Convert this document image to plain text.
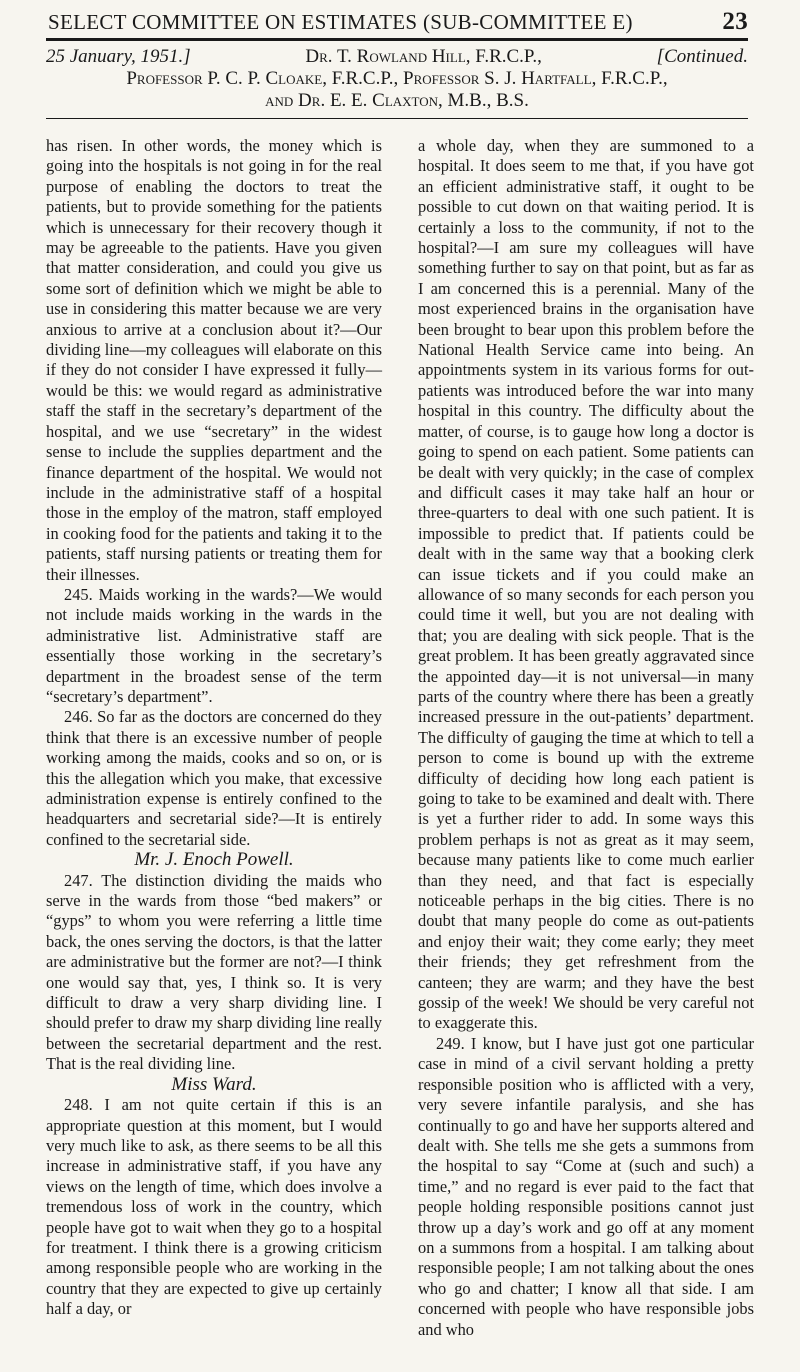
SELECT COMMITTEE ON ESTIMATES (SUB-COMMITTEE E)	23
25 January, 1951.]	Dr. T. Rowland Hill, F.R.C.P.,	[Continued.
Professor P. C. P. Cloake, F.R.C.P., Professor S. J. Hartfall, F.R.C.P.,
and Dr. E. E. Claxton, M.B., B.S.

has risen. In other words, the money which is going into the hospitals is not going in for the real purpose of enabling the doctors to treat the patients, but to provide something for the patients which is unnecessary for their recovery though it may be agreeable to the patients. Have you given that matter consideration, and could you give us some sort of definition which we might be able to use in considering this matter because we are very anxious to arrive at a conclusion about it?—Our dividing line—my colleagues will elaborate on this if they do not consider I have expressed it fully—would be this: we would regard as administrative staff the staff in the secretary’s department of the hospital, and we use “secretary” in the widest sense to include the supplies department and the finance department of the hospital. We would not include in the administrative staff of a hospital those in the employ of the matron, staff employed in cooking food for the patients and taking it to the patients, staff nursing patients or treating them for their illnesses.

245. Maids working in the wards?—We would not include maids working in the wards in the administrative list. Administrative staff are essentially those working in the secretary’s department in the broadest sense of the term “secretary’s department”.

246. So far as the doctors are concerned do they think that there is an excessive number of people working among the maids, cooks and so on, or is this the allegation which you make, that excessive administration expense is entirely confined to the headquarters and secretarial side?—It is entirely confined to the secretarial side.

Mr. J. Enoch Powell.

247. The distinction dividing the maids who serve in the wards from those “bed makers” or “gyps” to whom you were referring a little time back, the ones serving the doctors, is that the latter are administrative but the former are not?—I think one would say that, yes, I think so. It is very difficult to draw a very sharp dividing line. I should prefer to draw my sharp dividing line really between the secretarial department and the rest. That is the real dividing line.

Miss Ward.

248. I am not quite certain if this is an appropriate question at this moment, but I would very much like to ask, as there seems to be all this increase in administrative staff, if you have any views on the length of time, which does involve a tremendous loss of work in the country, which people have got to wait when they go to a hospital for treatment. I think there is a growing criticism among responsible people who are working in the country that they are expected to give up certainly half a day, or

a whole day, when they are summoned to a hospital. It does seem to me that, if you have got an efficient administrative staff, it ought to be possible to cut down on that waiting period. It is certainly a loss to the community, if not to the hospital?—I am sure my colleagues will have something further to say on that point, but as far as I am concerned this is a perennial. Many of the most experienced brains in the organisation have been brought to bear upon this problem before the National Health Service came into being. An appointments system in its various forms for out-patients was introduced before the war into many hospital in this country. The difficulty about the matter, of course, is to gauge how long a doctor is going to spend on each patient. Some patients can be dealt with very quickly; in the case of complex and difficult cases it may take half an hour or three-quarters to deal with one such patient. It is impossible to predict that. If patients could be dealt with in the same way that a booking clerk can issue tickets and if you could make an allowance of so many seconds for each person you could time it well, but you are not dealing with that; you are dealing with sick people. That is the great problem. It has been greatly aggravated since the appointed day—it is not universal—in many parts of the country where there has been a greatly increased pressure in the out-patients’ department. The difficulty of gauging the time at which to tell a person to come is bound up with the extreme difficulty of deciding how long each patient is going to take to be examined and dealt with. There is yet a further rider to add. In some ways this problem perhaps is not as great as it may seem, because many patients like to come much earlier than they need, and that fact is especially noticeable perhaps in the big cities. There is no doubt that many people do come as out-patients and enjoy their wait; they come early; they meet their friends; they get refreshment from the canteen; they are warm; and they have the best gossip of the week! We should be very careful not to exaggerate this.

249. I know, but I have just got one particular case in mind of a civil servant holding a pretty responsible position who is afflicted with a very, very severe infantile paralysis, and she has continually to go and have her supports altered and dealt with. She tells me she gets a summons from the hospital to say “Come at (such and such) a time,” and no regard is ever paid to the fact that people holding responsible positions cannot just throw up a day’s work and go off at any moment on a summons from a hospital. I am talking about responsible people; I am not talking about the ones who go and chatter; I know all that side. I am concerned with people who have responsible jobs and who
